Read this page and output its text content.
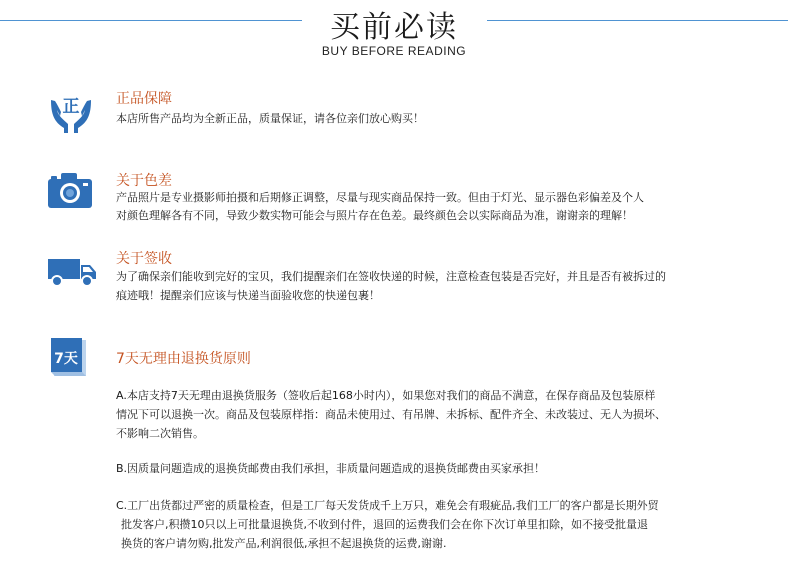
买前必读
BUY BEFORE READING
正	正品保障
本店所售产品均为全新正品，质量保证，请各位亲们放心购买！
关于色差
产品照片是专业摄影师拍摄和后期修正调整，尽量与现实商品保持一致。但由于灯光、显示器色彩偏差及个人
对颜色理解各有不同，导致少数实物可能会与照片存在色差。最终颜色会以实际商品为准，谢谢亲的理解！
关于签收
为了确保亲们能收到完好的宝贝，我们提醒亲们在签收快递的时候，注意检查包装是否完好，并且是否有被拆过的
痕迹哦！提醒亲们应该与快递当面验收您的快递包裹！
7天	7天无理由退换货原则
A.本店支持7天无理由退换货服务（签收后起168小时内），如果您对我们的商品不满意，在保存商品及包装原样
情况下可以退换一次。商品及包装原样指：商品未使用过、有吊牌、未拆标、配件齐全、未改装过、无人为损坏、
不影响二次销售。
B.因质量问题造成的退换货邮费由我们承担，非质量问题造成的退换货邮费由买家承担！
C.工厂出货都过严密的质量检查，但是工厂每天发货成千上万只，难免会有瑕疵品,我们工厂的客户都是长期外贸
批发客户,积攒10只以上可批量退换货,不收到付件，退回的运费我们会在你下次订单里扣除，如不接受批量退
换货的客户请勿购,批发产品,利润很低,承担不起退换货的运费,谢谢.
